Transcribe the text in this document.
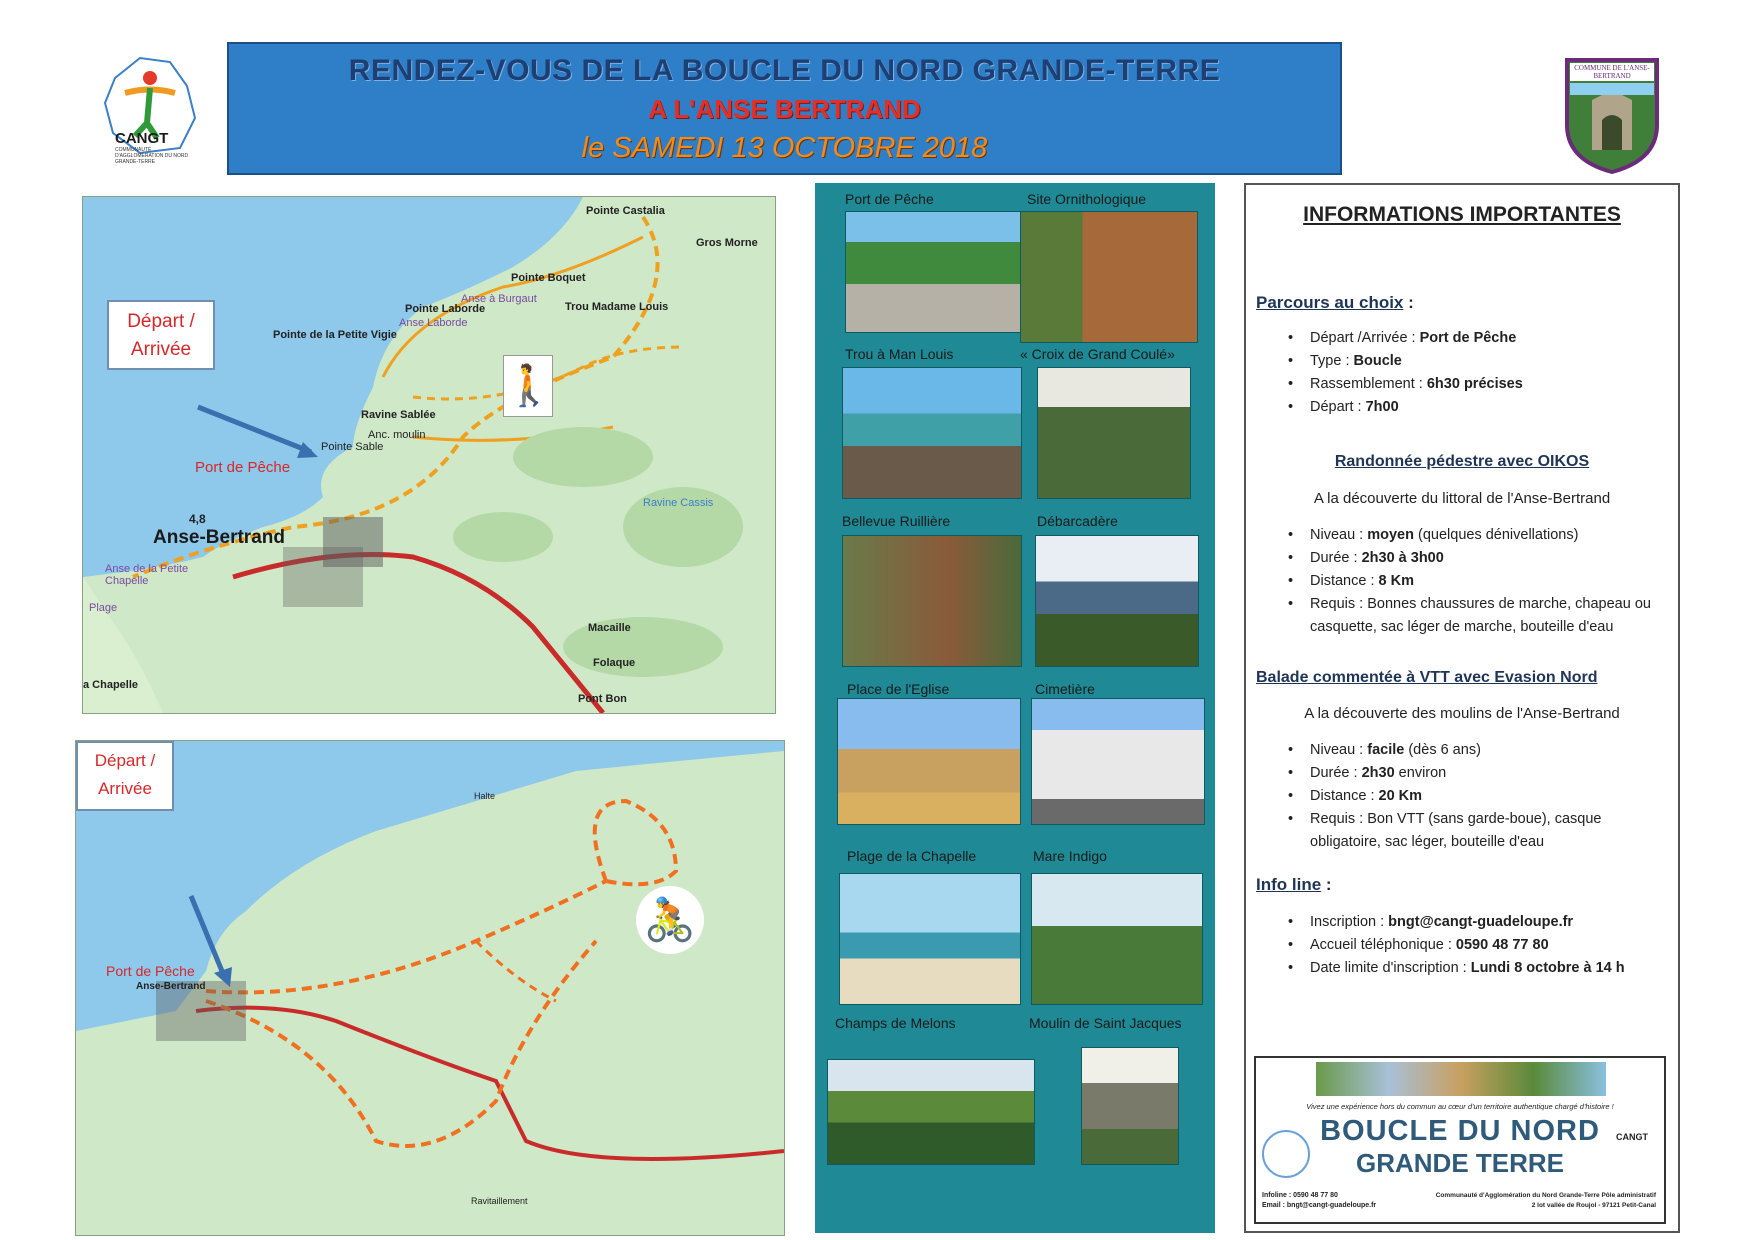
CANGT
COMMUNAUTÉ D'AGGLOMÉRATION DU NORD GRANDE-TERRE
RENDEZ-VOUS DE LA BOUCLE DU NORD GRANDE-TERRE
A L'ANSE BERTRAND
le SAMEDI 13 OCTOBRE 2018
COMMUNE DE L'ANSE-BERTRAND
Départ / Arrivée
Port de Pêche
Anse-Bertrand
4,8
🚶
Pointe Castalia
Gros Morne
Pointe Boquet
Anse à Burgaut
Trou Madame Louis
Pointe Laborde
Anse Laborde
Pointe de la Petite Vigie
Ravine Sablée
Anc. moulin
Pointe Sable
Anse de la Petite Chapelle
Plage
Macaille
Folaque
Ravine Cassis
Pont Bon
a Chapelle
Départ / Arrivée
Port de Pêche
Anse-Bertrand
🚴
Halte
Ravitaillement
Port de Pêche	Site Ornithologique
Trou à Man Louis	« Croix de Grand Coulé»
Bellevue Ruillière	Débarcadère
Place de l'Eglise	Cimetière
Plage de la Chapelle	Mare Indigo
Champs de Melons	Moulin de Saint Jacques
INFORMATIONS IMPORTANTES
Parcours au choix :
• Départ /Arrivée : Port de Pêche
• Type : Boucle
• Rassemblement : 6h30 précises
• Départ : 7h00
Randonnée pédestre avec OIKOS
A la découverte du littoral de l'Anse-Bertrand
• Niveau : moyen (quelques dénivellations)
• Durée : 2h30 à 3h00
• Distance : 8 Km
• Requis : Bonnes chaussures de marche, chapeau ou casquette, sac léger de marche, bouteille d'eau
Balade commentée à VTT avec Evasion Nord
A la découverte des moulins de l'Anse-Bertrand
• Niveau : facile (dès 6 ans)
• Durée : 2h30 environ
• Distance : 20 Km
• Requis : Bon VTT (sans garde-boue), casque obligatoire, sac léger, bouteille d'eau
Info line :
• Inscription : bngt@cangt-guadeloupe.fr
• Accueil téléphonique : 0590 48 77 80
• Date limite d'inscription : Lundi 8 octobre à 14 h
Vivez une expérience hors du commun au cœur d'un territoire authentique chargé d'histoire !
BOUCLE DU NORD
GRANDE TERRE
CANGT
Infoline : 0590 48 77 80
Email : bngt@cangt-guadeloupe.fr
Communauté d'Agglomération du Nord Grande-Terre Pôle administratif
2 lot vallée de Roujol - 97121 Petit-Canal
